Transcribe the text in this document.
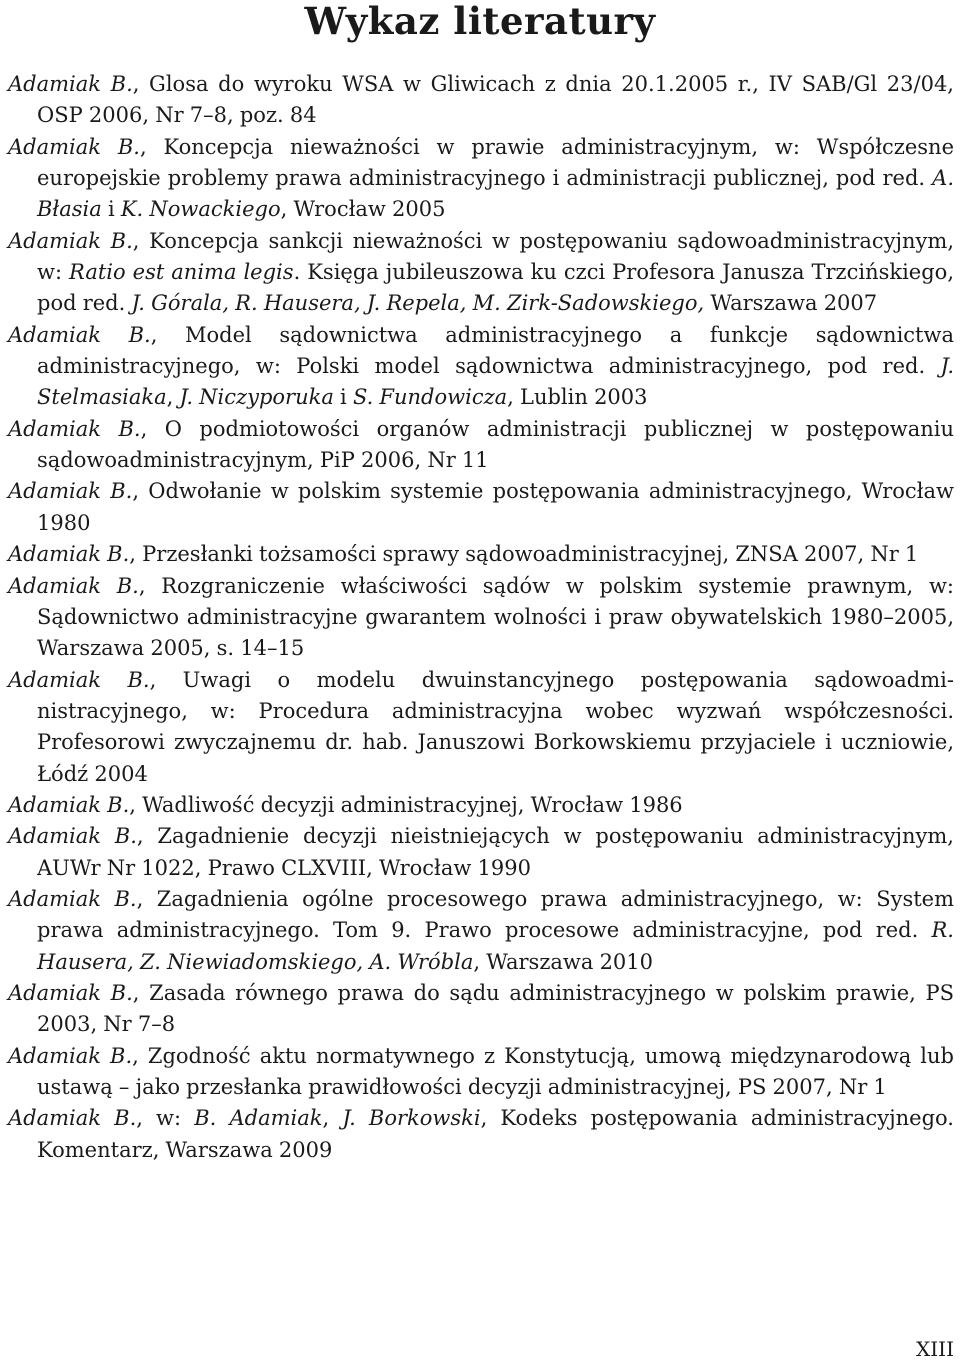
Wykaz literatury

Adamiak B., Glosa do wyroku WSA w Gliwicach z dnia 20.1.2005 r., IV SAB/Gl 23/04, OSP 2006, Nr 7–8, poz. 84

Adamiak B., Koncepcja nieważności w prawie administracyjnym, w: Współczesne europejskie problemy prawa administracyjnego i administracji publicznej, pod red. A. Błasia i K. Nowackiego, Wrocław 2005

Adamiak B., Koncepcja sankcji nieważności w postępowaniu sądowoadministracyjnym, w: Ratio est anima legis. Księga jubileuszowa ku czci Profesora Janusza Trzcińskiego, pod red. J. Górala, R. Hausera, J. Repela, M. Zirk-Sadowskiego, Warszawa 2007

Adamiak B., Model sądownictwa administracyjnego a funkcje sądownictwa administracyjnego, w: Polski model sądownictwa administracyjnego, pod red. J. Stelmasiaka, J. Niczyporuka i S. Fundowicza, Lublin 2003

Adamiak B., O podmiotowości organów administracji publicznej w postępowaniu sądowoadministracyjnym, PiP 2006, Nr 11

Adamiak B., Odwołanie w polskim systemie postępowania administracyjnego, Wrocław 1980

Adamiak B., Przesłanki tożsamości sprawy sądowoadministracyjnej, ZNSA 2007, Nr 1

Adamiak B., Rozgraniczenie właściwości sądów w polskim systemie prawnym, w: Sądownictwo administracyjne gwarantem wolności i praw obywatelskich 1980–2005, Warszawa 2005, s. 14–15

Adamiak B., Uwagi o modelu dwuinstancyjnego postępowania sądowoadministracyjnego, w: Procedura administracyjna wobec wyzwań współczesności. Profesorowi zwyczajnemu dr. hab. Januszowi Borkowskiemu przyjaciele i uczniowie, Łódź 2004

Adamiak B., Wadliwość decyzji administracyjnej, Wrocław 1986

Adamiak B., Zagadnienie decyzji nieistniejących w postępowaniu administracyjnym, AUWr Nr 1022, Prawo CLXVIII, Wrocław 1990

Adamiak B., Zagadnienia ogólne procesowego prawa administracyjnego, w: System prawa administracyjnego. Tom 9. Prawo procesowe administracyjne, pod red. R. Hausera, Z. Niewiadomskiego, A. Wróbla, Warszawa 2010

Adamiak B., Zasada równego prawa do sądu administracyjnego w polskim prawie, PS 2003, Nr 7–8

Adamiak B., Zgodność aktu normatywnego z Konstytucją, umową międzynarodową lub ustawą – jako przesłanka prawidłowości decyzji administracyjnej, PS 2007, Nr 1

Adamiak B., w: B. Adamiak, J. Borkowski, Kodeks postępowania administracyjnego. Komentarz, Warszawa 2009

XIII
